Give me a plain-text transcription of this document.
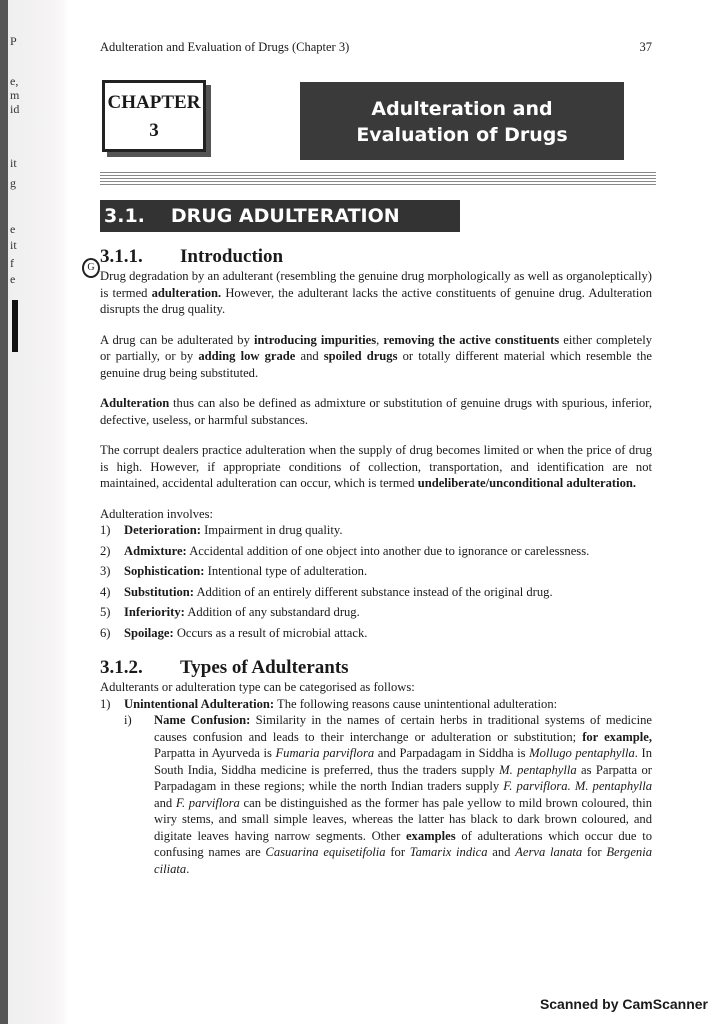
P
e,
m
id
it
g
e
it
f
e
Adulteration and Evaluation of Drugs (Chapter 3)	37
CHAPTER
3
Adulteration and
Evaluation of Drugs
3.1. DRUG ADULTERATION
G
3.1.1. Introduction

Drug degradation by an adulterant (resembling the genuine drug morphologically as well as organoleptically) is termed adulteration. However, the adulterant lacks the active constituents of genuine drug. Adulteration disrupts the drug quality.

A drug can be adulterated by introducing impurities, removing the active constituents either completely or partially, or by adding low grade and spoiled drugs or totally different material which resemble the genuine drug being substituted.

Adulteration thus can also be defined as admixture or substitution of genuine drugs with spurious, inferior, defective, useless, or harmful substances.

The corrupt dealers practice adulteration when the supply of drug becomes limited or when the price of drug is high. However, if appropriate conditions of collection, transportation, and identification are not maintained, accidental adulteration can occur, which is termed undeliberate/unconditional adulteration.

Adulteration involves:
1)	Deterioration: Impairment in drug quality.
2)	Admixture: Accidental addition of one object into another due to ignorance or carelessness.
3)	Sophistication: Intentional type of adulteration.
4)	Substitution: Addition of an entirely different substance instead of the original drug.
5)	Inferiority: Addition of any substandard drug.
6)	Spoilage: Occurs as a result of microbial attack.
3.1.2. Types of Adulterants
Adulterants or adulteration type can be categorised as follows:
1)	Unintentional Adulteration: The following reasons cause unintentional adulteration:
i)	Name Confusion: Similarity in the names of certain herbs in traditional systems of medicine causes confusion and leads to their interchange or adulteration or substitution; for example, Parpatta in Ayurveda is Fumaria parviflora and Parpadagam in Siddha is Mollugo pentaphylla. In South India, Siddha medicine is preferred, thus the traders supply M. pentaphylla as Parpatta or Parpadagam in these regions; while the north Indian traders supply F. parviflora. M. pentaphylla and F. parviflora can be distinguished as the former has pale yellow to mild brown coloured, thin wiry stems, and small simple leaves, whereas the latter has black to dark brown coloured, and digitate leaves having narrow segments. Other examples of adulterations which occur due to confusing names are Casuarina equisetifolia for Tamarix indica and Aerva lanata for Bergenia ciliata.
Scanned by CamScanner
